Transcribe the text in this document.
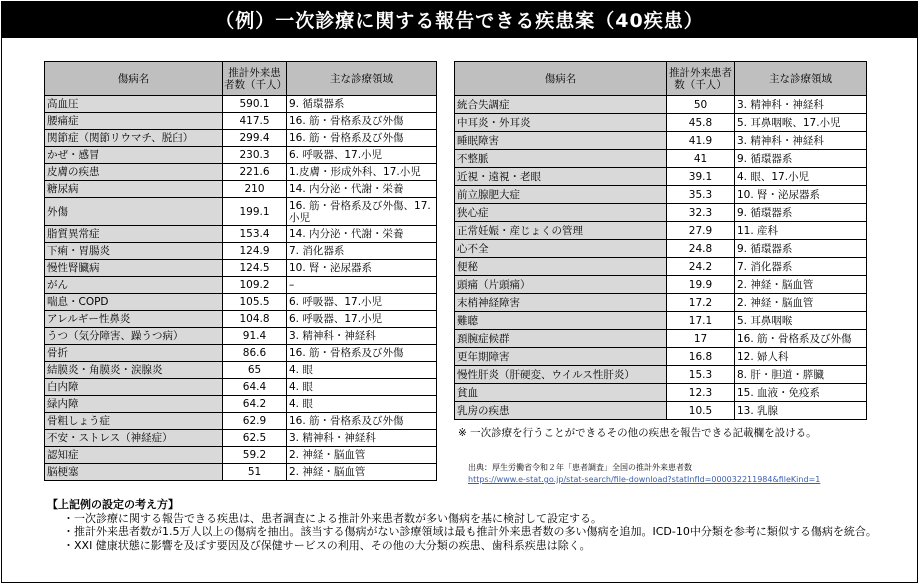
（例）一次診療に関する報告できる疾患案（40疾患）
傷病名	推計外来患者数（千人）	主な診療領域
高血圧	590.1	9. 循環器系
腰痛症	417.5	16. 筋・骨格系及び外傷
関節症（関節リウマチ、脱臼）	299.4	16. 筋・骨格系及び外傷
かぜ・感冒	230.3	6. 呼吸器、17.小児
皮膚の疾患	221.6	1.皮膚・形成外科、17.小児
糖尿病	210	14. 内分泌・代謝・栄養
外傷	199.1	16. 筋・骨格系及び外傷、17.小児
脂質異常症	153.4	14. 内分泌・代謝・栄養
下痢・胃腸炎	124.9	7. 消化器系
慢性腎臓病	124.5	10. 腎・泌尿器系
がん	109.2	–
喘息・COPD	105.5	6. 呼吸器、17.小児
アレルギー性鼻炎	104.8	6. 呼吸器、17.小児
うつ（気分障害、躁うつ病）	91.4	3. 精神科・神経科
骨折	86.6	16. 筋・骨格系及び外傷
結膜炎・角膜炎・涙腺炎	65	4. 眼
白内障	64.4	4. 眼
緑内障	64.2	4. 眼
骨粗しょう症	62.9	16. 筋・骨格系及び外傷
不安・ストレス（神経症）	62.5	3. 精神科・神経科
認知症	59.2	2. 神経・脳血管
脳梗塞	51	2. 神経・脳血管
傷病名	推計外来患者数（千人）	主な診療領域
統合失調症	50	3. 精神科・神経科
中耳炎・外耳炎	45.8	5. 耳鼻咽喉、17.小児
睡眠障害	41.9	3. 精神科・神経科
不整脈	41	9. 循環器系
近視・遠視・老眼	39.1	4. 眼、17.小児
前立腺肥大症	35.3	10. 腎・泌尿器系
狭心症	32.3	9. 循環器系
正常妊娠・産じょくの管理	27.9	11. 産科
心不全	24.8	9. 循環器系
便秘	24.2	7. 消化器系
頭痛（片頭痛）	19.9	2. 神経・脳血管
末梢神経障害	17.2	2. 神経・脳血管
難聴	17.1	5. 耳鼻咽喉
頚腕症候群	17	16. 筋・骨格系及び外傷
更年期障害	16.8	12. 婦人科
慢性肝炎（肝硬変、ウイルス性肝炎）	15.3	8. 肝・胆道・膵臓
貧血	12.3	15. 血液・免疫系
乳房の疾患	10.5	13. 乳腺
※ 一次診療を行うことができるその他の疾患を報告できる記載欄を設ける。
出典：厚生労働省令和２年「患者調査」全国の推計外来患者数
https://www.e-stat.go.jp/stat-search/file-download?statInfId=000032211984&fileKind=1
【上記例の設定の考え方】
・一次診療に関する報告できる疾患は、患者調査による推計外来患者数が多い傷病を基に検討して設定する。
・推計外来患者数が1.5万人以上の傷病を抽出。該当する傷病がない診療領域は最も推計外来患者数の多い傷病を追加。ICD-10中分類を参考に類似する傷病を統合。
・XXI 健康状態に影響を及ぼす要因及び保健サービスの利用、その他の大分類の疾患、歯科系疾患は除く。
